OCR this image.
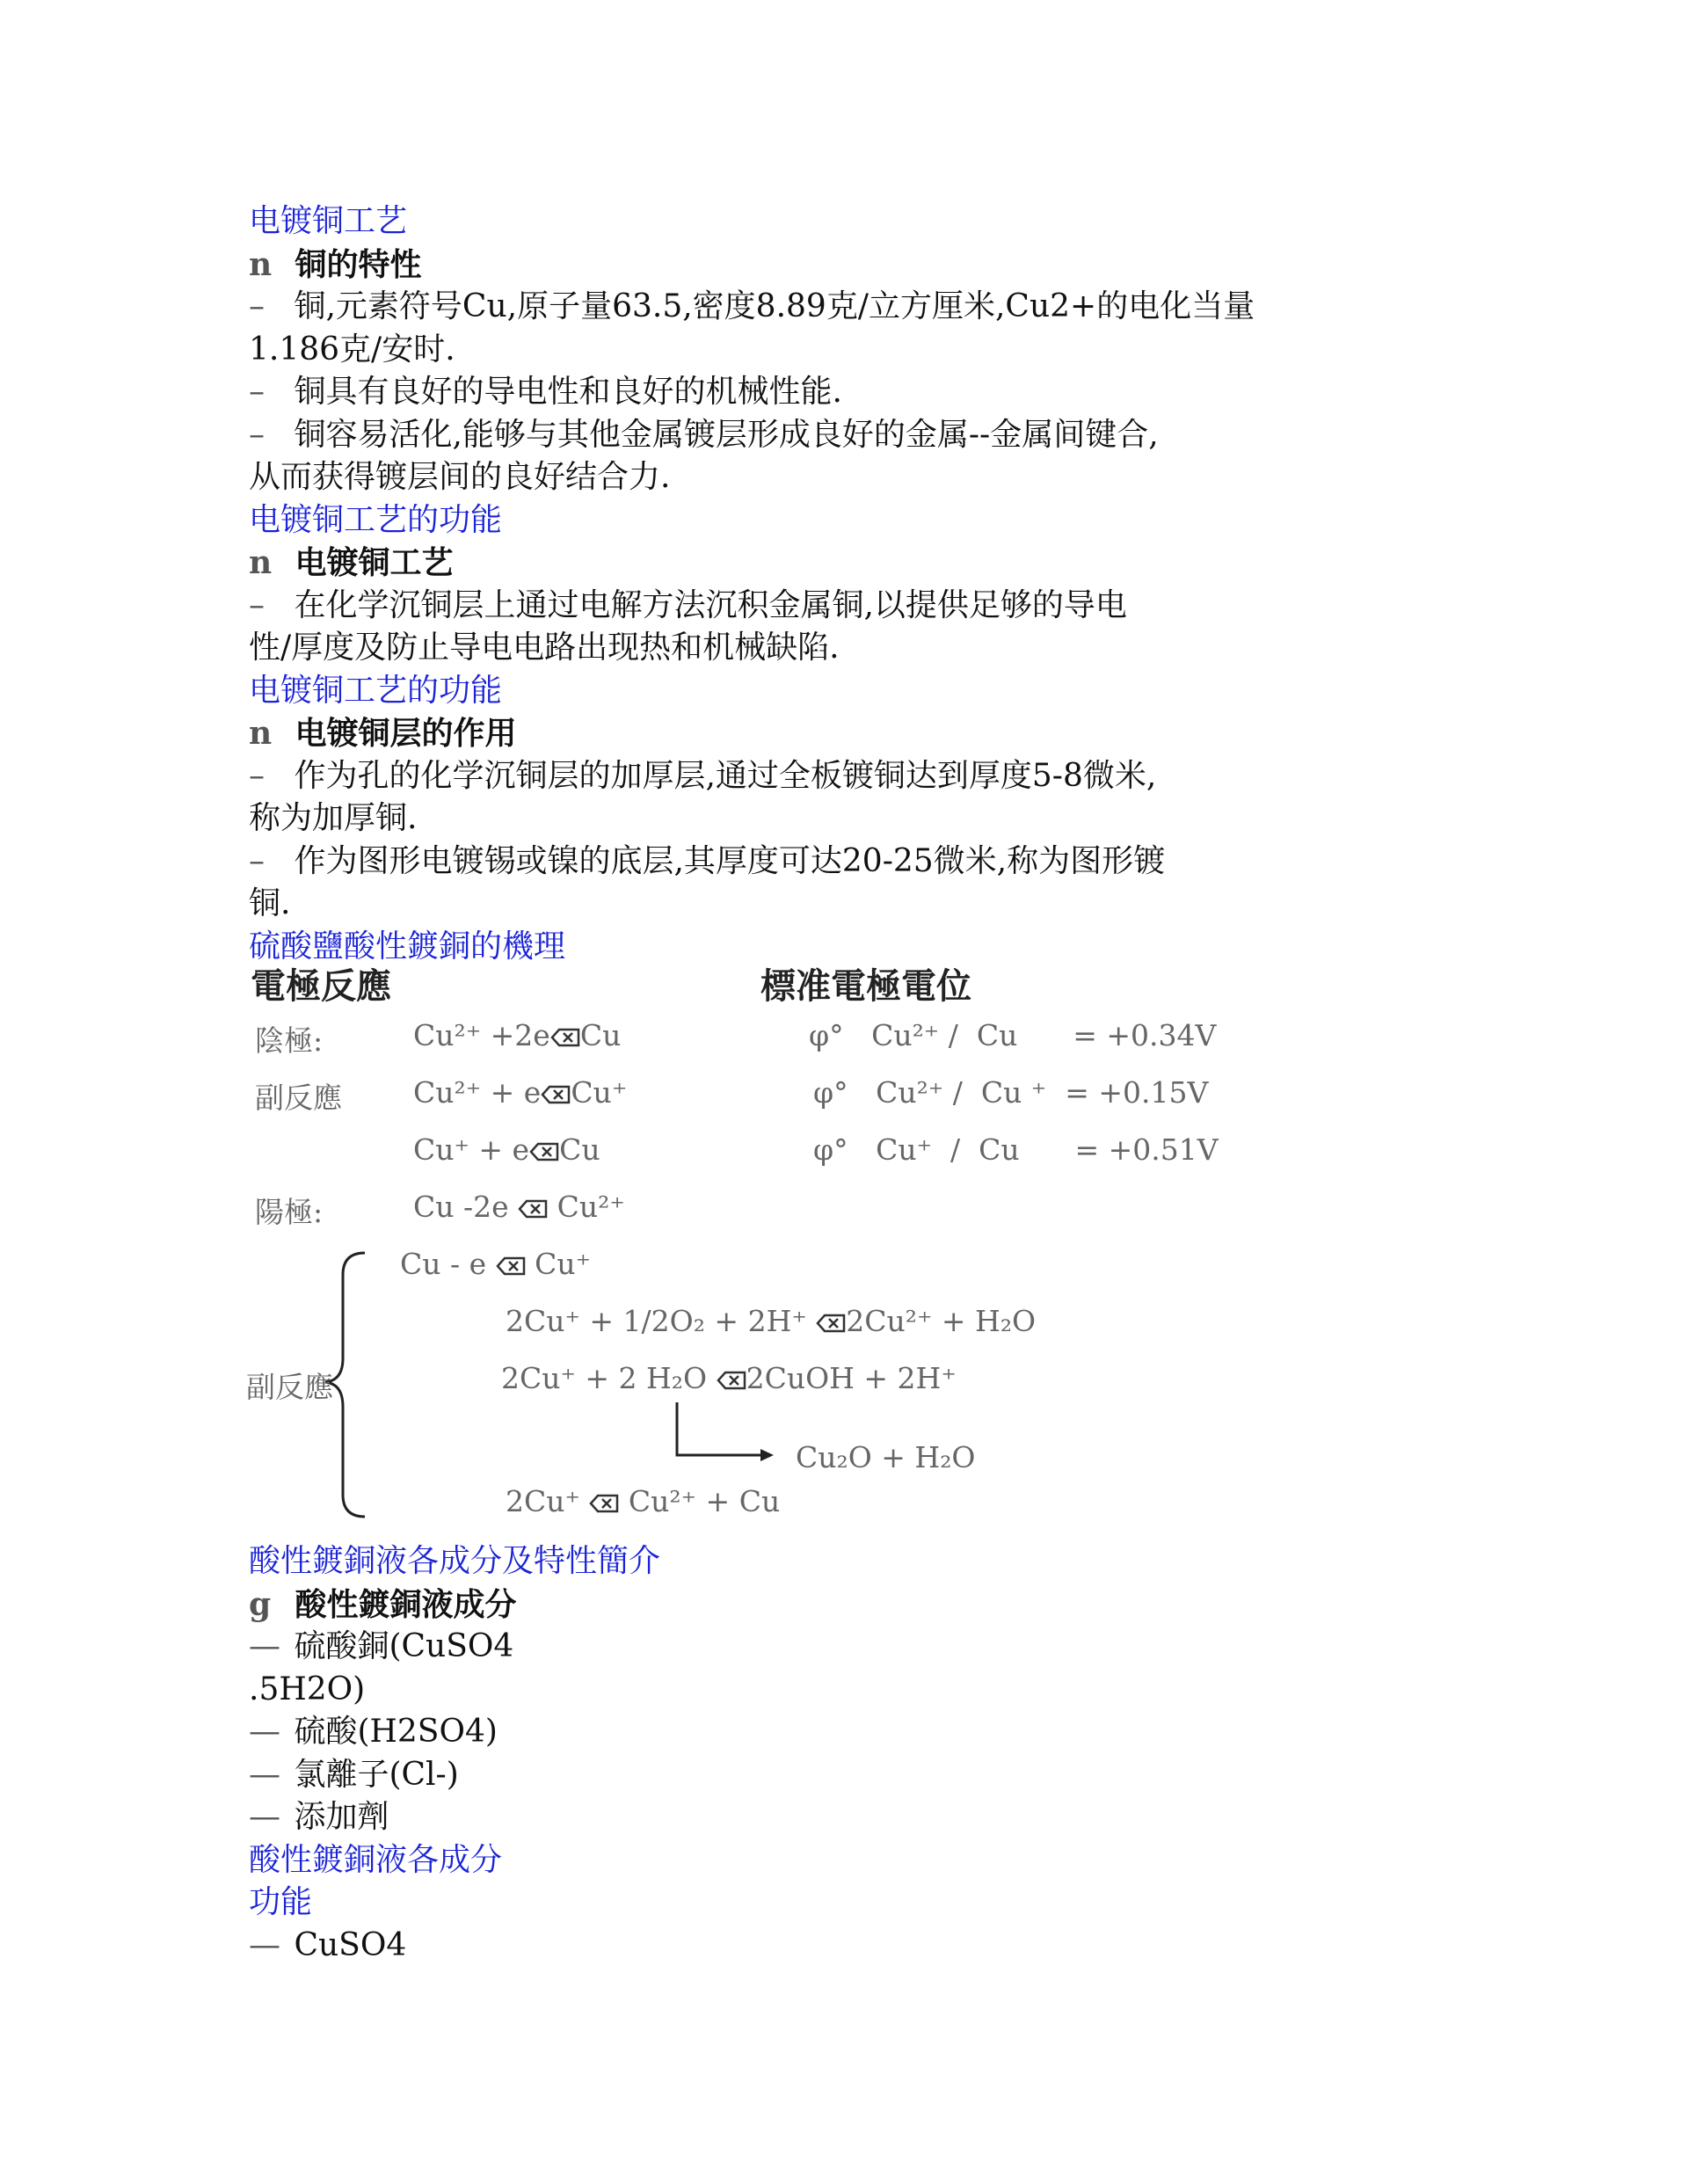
电镀铜工艺
n 铜的特性
– 铜,元素符号Cu,原子量63.5,密度8.89克/立方厘米,Cu2+的电化当量
1.186克/安时.
– 铜具有良好的导电性和良好的机械性能.
– 铜容易活化,能够与其他金属镀层形成良好的金属--金属间键合,
从而获得镀层间的良好结合力.
电镀铜工艺的功能
n 电镀铜工艺
– 在化学沉铜层上通过电解方法沉积金属铜,以提供足够的导电
性/厚度及防止导电电路出现热和机械缺陷.
电镀铜工艺的功能
n 电镀铜层的作用
– 作为孔的化学沉铜层的加厚层,通过全板镀铜达到厚度5-8微米,
称为加厚铜.
– 作为图形电镀锡或镍的底层,其厚度可达20-25微米,称为图形镀
铜.
硫酸鹽酸性鍍銅的機理
電極反應	標准電極電位
陰極:
副反應
陽極:
Cu²⁺ +2e Cu
Cu²⁺ + e Cu⁺
Cu⁺ + e Cu
Cu -2e Cu²⁺
φ°   Cu²⁺ /  Cu      = +0.34V
φ°   Cu²⁺ /  Cu ⁺  = +0.15V
φ°   Cu⁺  /  Cu      = +0.51V
副反應
Cu - e Cu⁺
2Cu⁺ + 1/2O₂ + 2H⁺ 2Cu²⁺ + H₂O
2Cu⁺ + 2 H₂O 2CuOH + 2H⁺
Cu₂O + H₂O
2Cu⁺ Cu²⁺ + Cu
酸性鍍銅液各成分及特性簡介
g 酸性鍍銅液成分
— 硫酸銅(CuSO4
.5H2O)
— 硫酸(H2SO4)
— 氯離子(Cl-)
— 添加劑
酸性鍍銅液各成分
功能
— CuSO4
